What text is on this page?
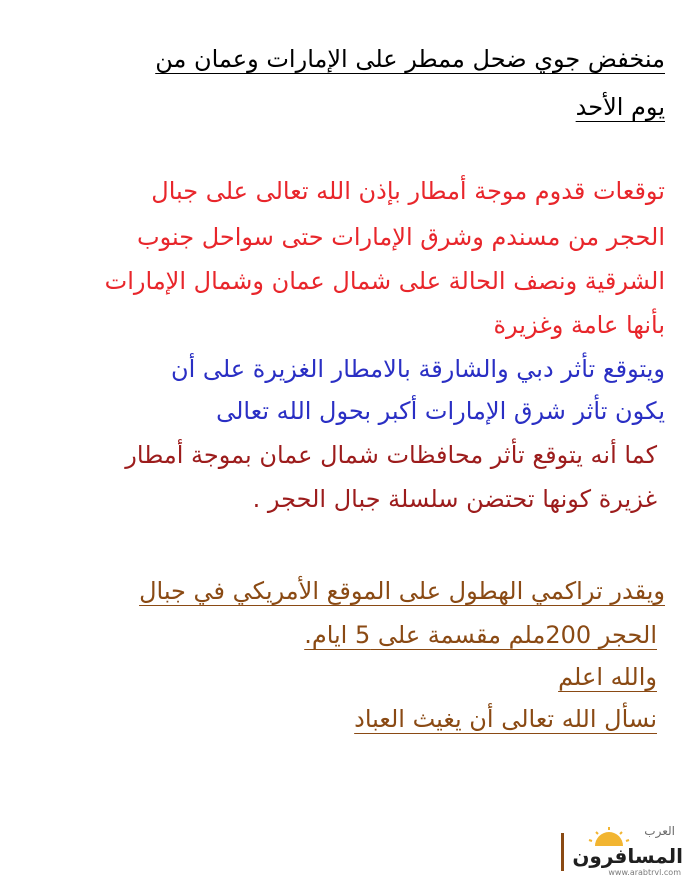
منخفض جوي ضحل ممطر على الإمارات وعمان من

يوم الأحد

توقعات قدوم موجة أمطار بإذن الله تعالى على جبال

الحجر من مسندم وشرق الإمارات حتى سواحل جنوب

الشرقية ونصف الحالة على شمال عمان وشمال الإمارات

بأنها عامة وغزيرة

ويتوقع تأثر دبي والشارقة بالامطار الغزيرة على أن

يكون تأثر شرق الإمارات أكبر بحول الله تعالى

كما أنه يتوقع تأثر محافظات شمال عمان بموجة أمطار

غزيرة كونها تحتضن سلسلة جبال الحجر .

ويقدر تراكمي الهطول على الموقع الأمريكي في جبال

الحجر 200ملم مقسمة على 5 ايام.

والله اعلم

نسأل الله تعالى أن يغيث العباد

العرب
المسافرون
www.arabtrvl.com
